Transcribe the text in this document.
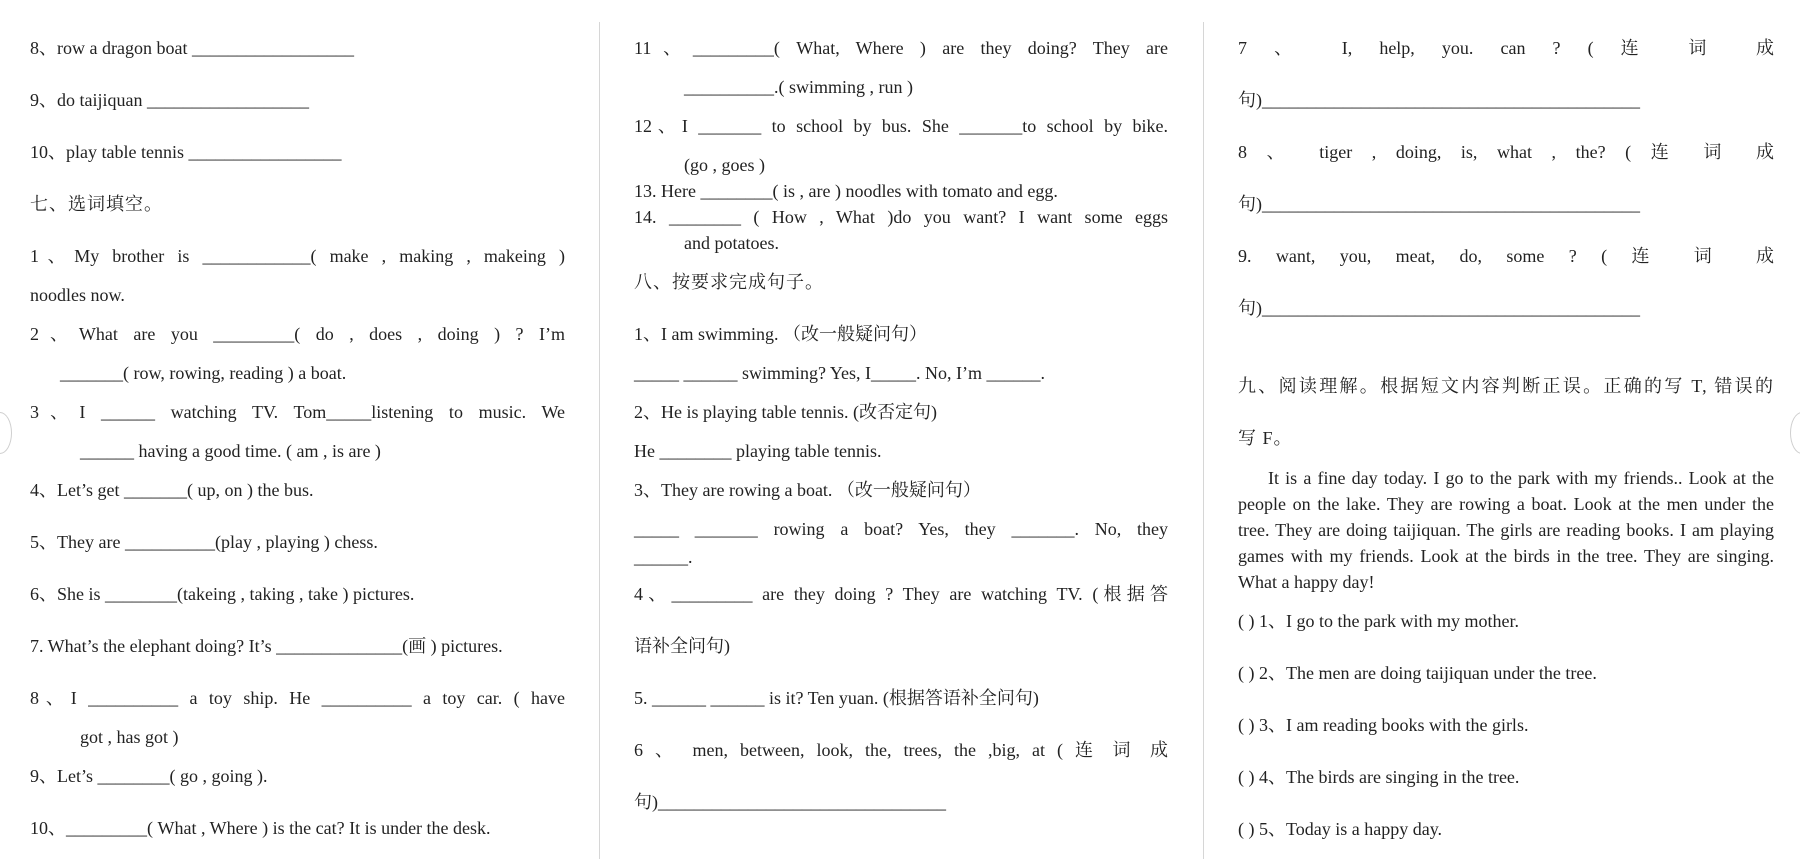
8、row a dragon boat __________________
9、do taijiquan __________________
10、play table tennis _________________
七、选词填空。
1、My brother is ____________( make , making , makeing )
noodles now.
2、What are you _________( do , does , doing ) ? I’m
_______( row, rowing, reading ) a boat.
3、I ______ watching TV. Tom_____listening to music. We
______ having a good time. ( am , is are )
4、Let’s get _______( up, on ) the bus.
5、They are __________(play , playing ) chess.
6、She is ________(takeing , taking , take ) pictures.
7. What’s the elephant doing? It’s ______________(画 ) pictures.
8、I __________ a toy ship. He __________ a toy car. ( have
got , has got )
9、Let’s ________( go , going ).
10、_________( What , Where ) is the cat? It is under the desk.
11、_________( What, Where ) are they doing? They are
__________.( swimming , run )
12、I _______ to school by bus. She _______to school by bike.
(go , goes )
13. Here ________( is , are ) noodles with tomato and egg.
14. ________ ( How , What )do you want? I want some eggs
and potatoes.
八、按要求完成句子。
1、I am swimming. （改一般疑问句）
_____ ______ swimming? Yes, I_____. No, I’m ______.
2、He is playing table tennis. (改否定句)
He ________ playing table tennis.
3、They are rowing a boat. （改一般疑问句）
_____ _______ rowing a boat? Yes, they _______. No, they
______.
4、_________ are they doing ? They are watching TV. (根据答
语补全问句)
5. ______ ______ is it? Ten yuan. (根据答语补全问句)
6 、 men, between, look, the, trees, the ,big, at ( 连 词 成
句)________________________________
7 、 I, help, you. can ? ( 连 词 成
句)__________________________________________
8 、 tiger , doing, is, what , the? ( 连 词 成
句)__________________________________________
9. want, you, meat, do, some ? ( 连 词 成
句)__________________________________________
九、阅读理解。根据短文内容判断正误。正确的写 T, 错误的
写 F。
It is a fine day today. I go to the park with my friends.. Look at the people on the lake. They are rowing a boat. Look at the men under the tree. They are doing taijiquan. The girls are reading books. I am playing games with my friends. Look at the birds in the tree. They are singing. What a happy day!
( ) 1、I go to the park with my mother.
( ) 2、The men are doing taijiquan under the tree.
( ) 3、I am reading books with the girls.
( ) 4、The birds are singing in the tree.
( ) 5、Today is a happy day.
